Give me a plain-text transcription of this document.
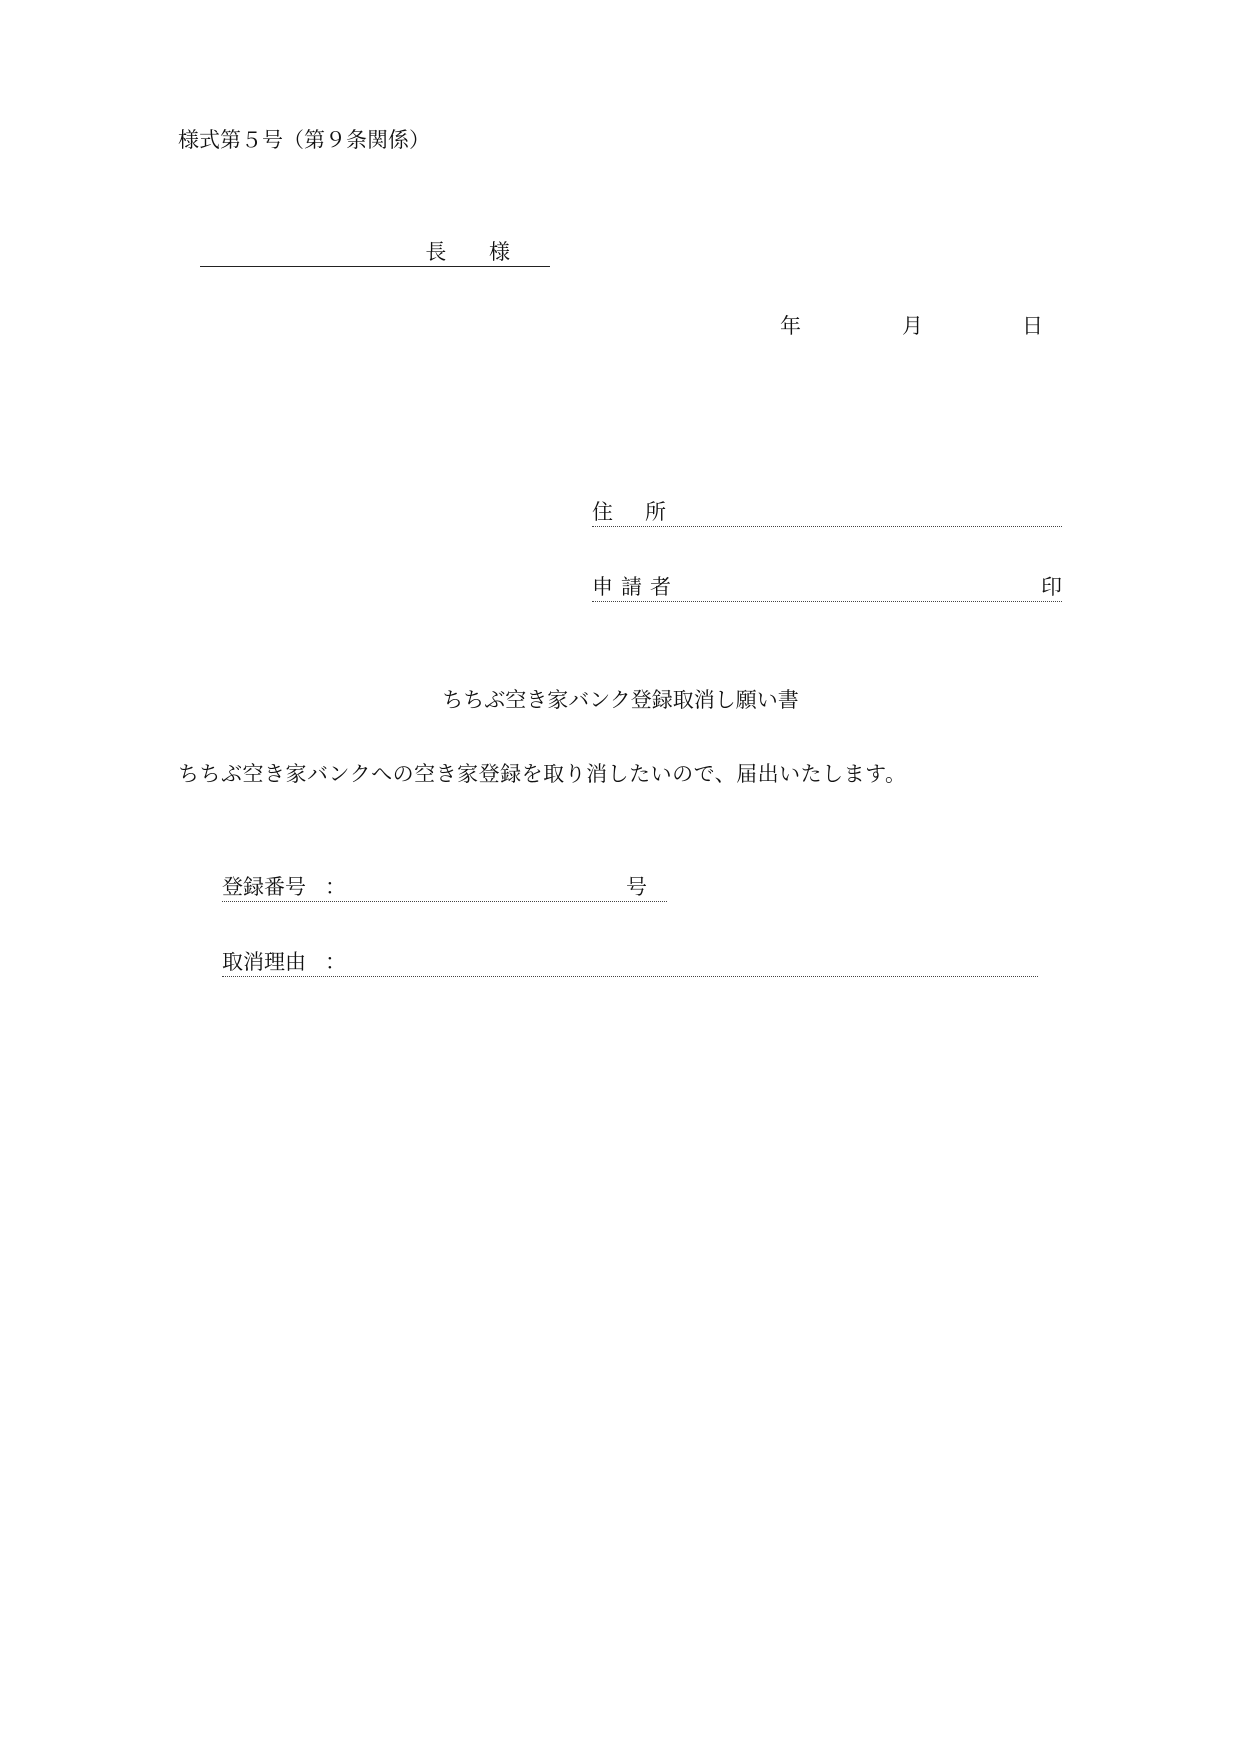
様式第５号（第９条関係）
長 様
年	月	日
住所
申請者	印
ちちぶ空き家バンク登録取消し願い書
ちちぶ空き家バンクへの空き家登録を取り消したいので、届出いたします。
登録番号 ：	号
取消理由 ：
